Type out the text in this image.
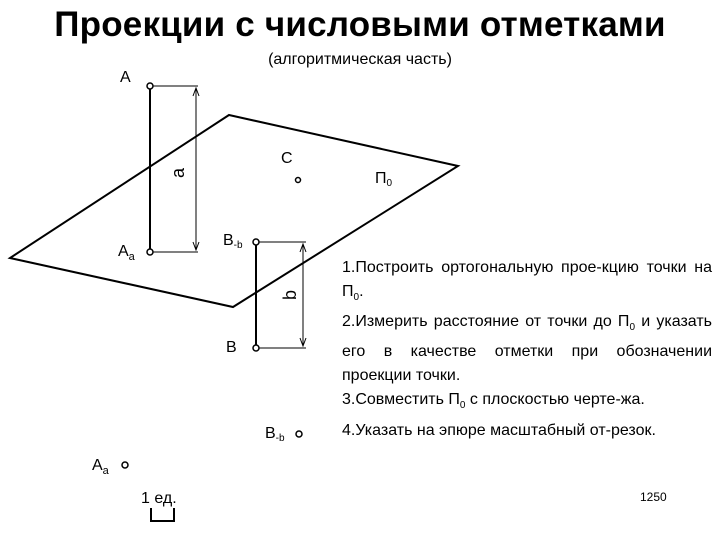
Проекции с числовыми отметками
(алгоритмическая часть)
A
$A_a$
a
C
П0
B-b
b
B
B-b
$A_a$
1 ед.

1.Построить ортогональную прое-кцию точки на $П_0$.

2.Измерить расстояние от точки до $П_0$ и указать его в качестве отметки при обозначении проекции точки.

3.Совместить $П_0$ с плоскостью черте-жа.

4.Указать на эпюре масштабный от-резок.

1250
